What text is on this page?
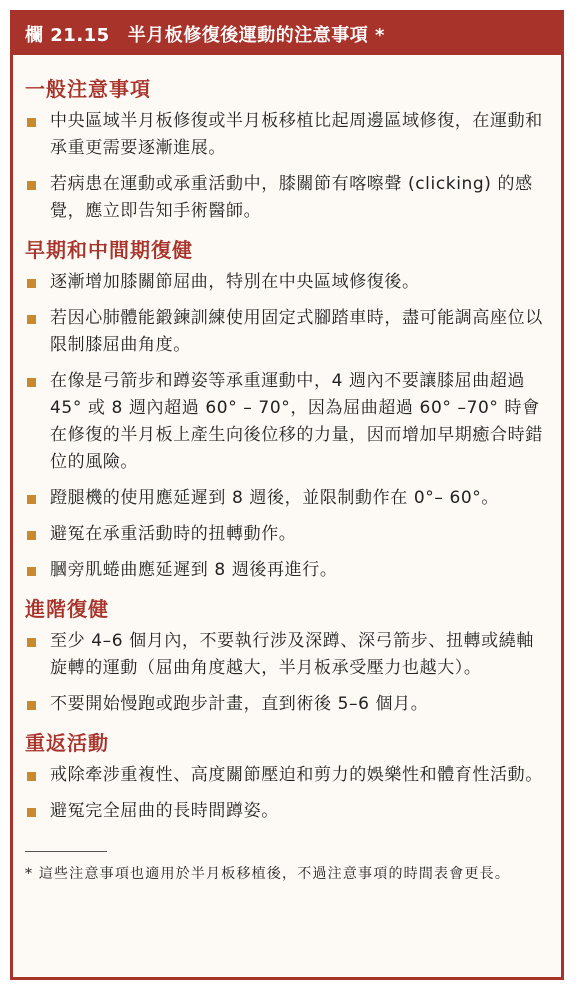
欄 21.15 半月板修復後運動的注意事項 *
一般注意事項
中央區域半月板修復或半月板移植比起周邊區域修復，在運動和承重更需要逐漸進展。
若病患在運動或承重活動中，膝關節有喀嚓聲 (clicking) 的感覺，應立即告知手術醫師。
早期和中間期復健
逐漸增加膝關節屈曲，特別在中央區域修復後。
若因心肺體能鍛鍊訓練使用固定式腳踏車時，盡可能調高座位以限制膝屈曲角度。
在像是弓箭步和蹲姿等承重運動中，4 週內不要讓膝屈曲超過 45° 或 8 週內超過 60° – 70°，因為屈曲超過 60° –70° 時會在修復的半月板上產生向後位移的力量，因而增加早期癒合時錯位的風險。
蹬腿機的使用應延遲到 8 週後，並限制動作在 0°– 60°。
避冤在承重活動時的扭轉動作。
膕旁肌蜷曲應延遲到 8 週後再進行。
進階復健
至少 4–6 個月內，不要執行涉及深蹲、深弓箭步、扭轉或繞軸旋轉的運動（屈曲角度越大，半月板承受壓力也越大）。
不要開始慢跑或跑步計畫，直到術後 5–6 個月。
重返活動
戒除牽涉重複性、高度關節壓迫和剪力的娛樂性和體育性活動。
避冤完全屈曲的長時間蹲姿。
* 這些注意事項也適用於半月板移植後，不過注意事項的時間表會更長。
